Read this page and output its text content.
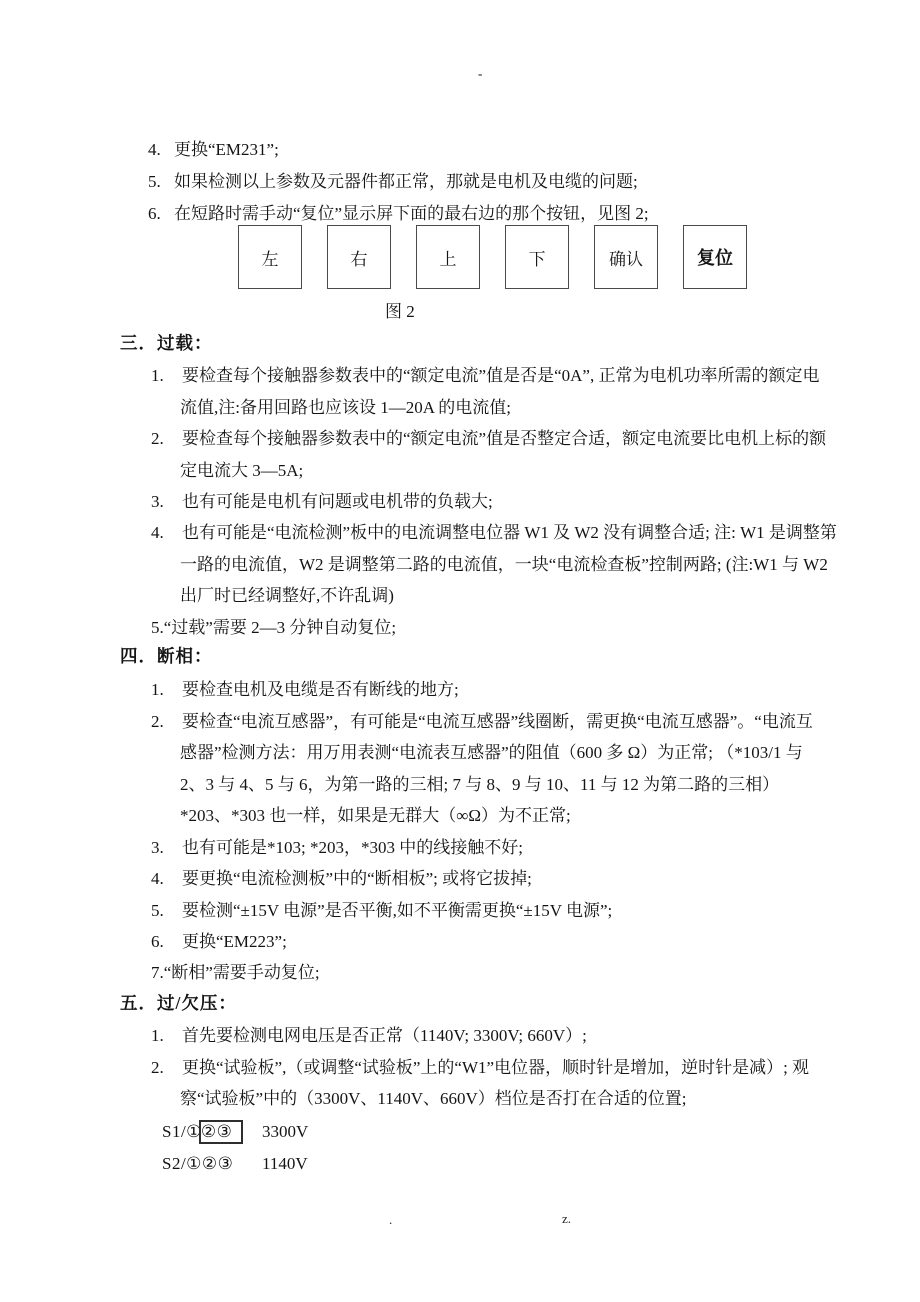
-
.	z.
4. 更换“EM231”;
5. 如果检测以上参数及元器件都正常，那就是电机及电缆的问题;
6. 在短路时需手动“复位”显示屏下面的最右边的那个按钮，见图 2;
左	右	上	下	确认	复位
图 2
三．过载：
1. 要检查每个接触器参数表中的“额定电流”值是否是“0A”, 正常为电机功率所需的额定电
流值,注:备用回路也应该设 1—20A 的电流值;
2. 要检查每个接触器参数表中的“额定电流”值是否整定合适，额定电流要比电机上标的额
定电流大 3—5A;
3. 也有可能是电机有问题或电机带的负载大;
4. 也有可能是“电流检测”板中的电流调整电位器 W1 及 W2 没有调整合适; 注: W1 是调整第
一路的电流值，W2 是调整第二路的电流值，一块“电流检查板”控制两路; (注:W1 与 W2
出厂时已经调整好,不许乱调)
5.“过载”需要 2—3 分钟自动复位;
四．断相：
1. 要检查电机及电缆是否有断线的地方;
2. 要检查“电流互感器”，有可能是“电流互感器”线圈断，需更换“电流互感器”。“电流互
感器”检测方法：用万用表测“电流表互感器”的阻值（600 多 Ω）为正常; （*103/1 与
2、3 与 4、5 与 6，为第一路的三相; 7 与 8、9 与 10、11 与 12 为第二路的三相）
*203、*303 也一样，如果是无群大（∞Ω）为不正常;
3. 也有可能是*103; *203，*303 中的线接触不好;
4. 要更换“电流检测板”中的“断相板”; 或将它拔掉;
5. 要检测“±15V 电源”是否平衡,如不平衡需更换“±15V 电源”;
6. 更换“EM223”;
7.“断相”需要手动复位;
五．过/欠压：
1. 首先要检测电网电压是否正常（1140V; 3300V; 660V）;
2. 更换“试验板”,（或调整“试验板”上的“W1”电位器，顺时针是增加，逆时针是减）; 观
察“试验板”中的（3300V、1140V、660V）档位是否打在合适的位置;
S1/①②③	3300V
S2/①②③ 1140V
